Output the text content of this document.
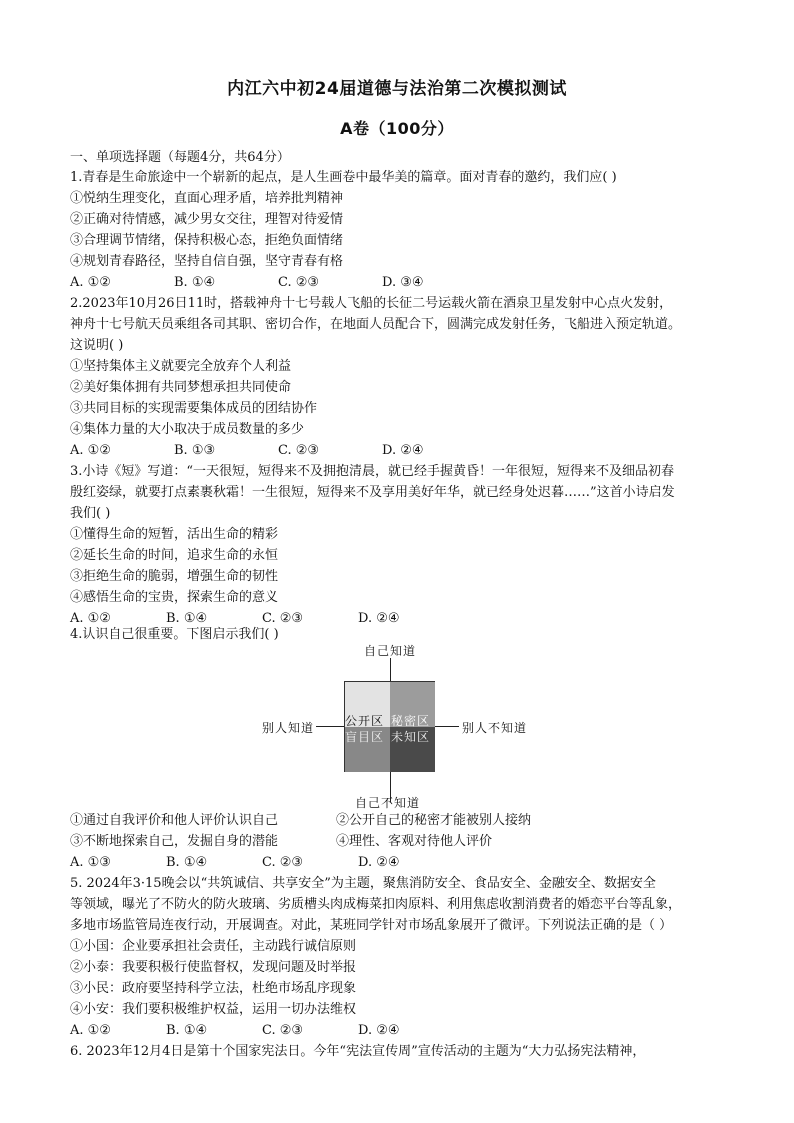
内江六中初24届道德与法治第二次模拟测试
A卷（100分）
一、单项选择题（每题4分，共64分）
1.青春是生命旅途中一个崭新的起点，是人生画卷中最华美的篇章。面对青春的邀约，我们应( )
①悦纳生理变化，直面心理矛盾，培养批判精神
②正确对待情感，减少男女交往，理智对待爱情
③合理调节情绪，保持积极心态，拒绝负面情绪
④规划青春路径，坚持自信自强，坚守青春有格
A. ①②	B. ①④	C. ②③	D. ③④
2.2023年10月26日11时，搭载神舟十七号载人飞船的长征二号运载火箭在酒泉卫星发射中心点火发射，
神舟十七号航天员乘组各司其职、密切合作，在地面人员配合下，圆满完成发射任务，飞船进入预定轨道。
这说明( )
①坚持集体主义就要完全放弃个人利益
②美好集体拥有共同梦想承担共同使命
③共同目标的实现需要集体成员的团结协作
④集体力量的大小取决于成员数量的多少
A. ①②	B. ①③	C. ②③	D. ②④
3.小诗《短》写道：“一天很短，短得来不及拥抱清晨，就已经手握黄昏！一年很短，短得来不及细品初春
殷红姿绿，就要打点素裹秋霜！一生很短，短得来不及享用美好年华，就已经身处迟暮……”这首小诗启发
我们( )
①懂得生命的短暂，活出生命的精彩
②延长生命的时间，追求生命的永恒
③拒绝生命的脆弱，增强生命的韧性
④感悟生命的宝贵，探索生命的意义
A. ①②	B. ①④	C. ②③	D. ②④
4.认识自己很重要。下图启示我们( )
自己知道
别人知道	别人不知道
公开区 秘密区
盲目区 未知区
自己不知道
①通过自我评价和他人评价认识自己	②公开自己的秘密才能被别人接纳
③不断地探索自己，发掘自身的潜能	④理性、客观对待他人评价
A. ①③	B. ①④	C. ②③	D. ②④
5. 2024年3·15晚会以“共筑诚信、共享安全”为主题，聚焦消防安全、食品安全、金融安全、数据安全
等领域，曝光了不防火的防火玻璃、劣质槽头肉成梅菜扣肉原料、利用焦虑收割消费者的婚恋平台等乱象，
多地市场监管局连夜行动，开展调查。对此，某班同学针对市场乱象展开了微评。下列说法正确的是（ ）
①小国：企业要承担社会责任，主动践行诚信原则
②小泰：我要积极行使监督权，发现问题及时举报
③小民：政府要坚持科学立法，杜绝市场乱序现象
④小安：我们要积极维护权益，运用一切办法维权
A. ①②	B. ①④	C. ②③	D. ②④
6. 2023年12月4日是第十个国家宪法日。今年“宪法宣传周”宣传活动的主题为“大力弘扬宪法精神，
